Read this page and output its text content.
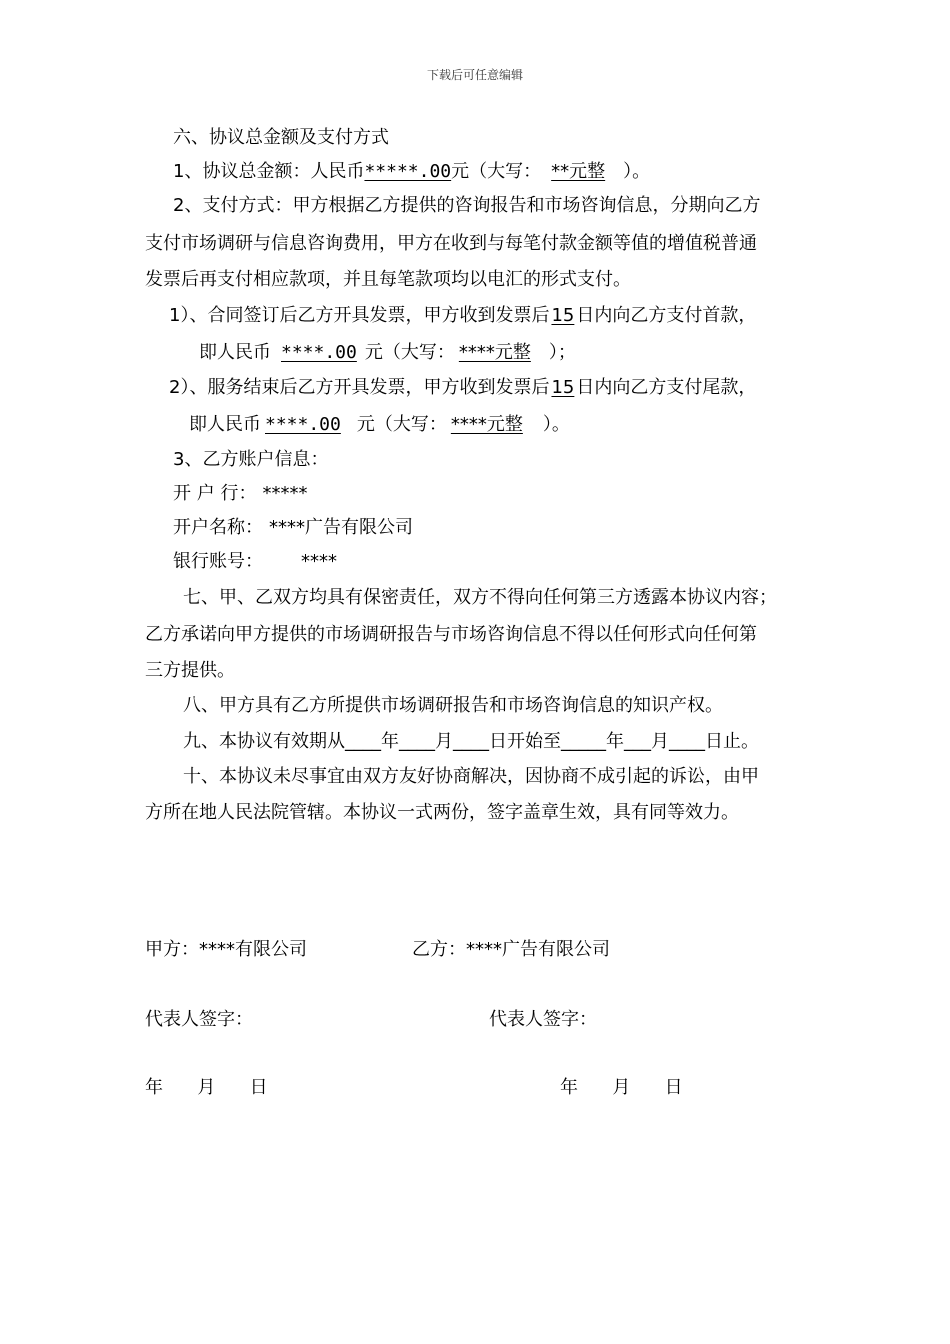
下载后可任意编辑
六、协议总金额及支付方式
1、协议总金额：人民币*****.00元（大写： **元整 ）。
2、支付方式：甲方根据乙方提供的咨询报告和市场咨询信息，分期向乙方
支付市场调研与信息咨询费用，甲方在收到与每笔付款金额等值的增值税普通
发票后再支付相应款项，并且每笔款项均以电汇的形式支付。
1）、合同签订后乙方开具发票，甲方收到发票后 15 日内向乙方支付首款，
即人民币 ****.00 元（大写： ****元整 ）；
2）、服务结束后乙方开具发票，甲方收到发票后 15 日内向乙方支付尾款，
即人民币 ****.00 元（大写： ****元整 ）。
3、乙方账户信息：
开 户 行： *****
开户名称： ****广告有限公司
银行账号： ****
七、甲、乙双方均具有保密责任，双方不得向任何第三方透露本协议内容；
乙方承诺向甲方提供的市场调研报告与市场咨询信息不得以任何形式向任何第
三方提供。
八、甲方具有乙方所提供市场调研报告和市场咨询信息的知识产权。
九、本协议有效期从____年____月____日开始至_____年___月____日止。
十、本协议未尽事宜由双方友好协商解决，因协商不成引起的诉讼，由甲
方所在地人民法院管辖。本协议一式两份，签字盖章生效，具有同等效力。
甲方：****有限公司	乙方：****广告有限公司
代表人签字：	代表人签字：
年      月      日	年      月      日
